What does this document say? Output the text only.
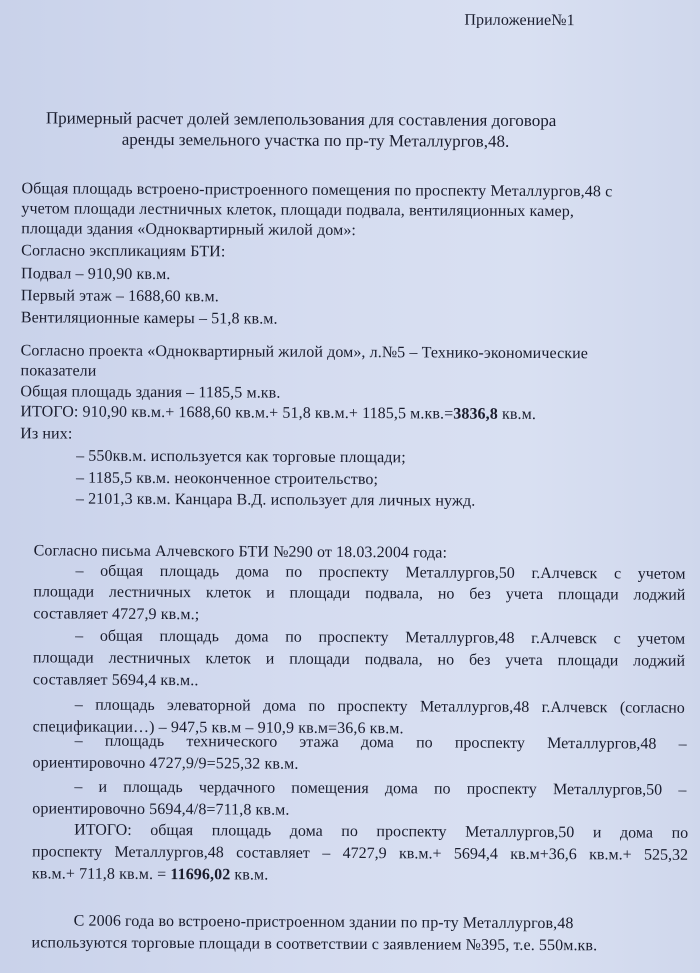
Приложение№1
Примерный расчет долей землепользования для составления договора
аренды земельного участка по пр-ту Металлургов,48.
Общая площадь встроено-пристроенного помещения по проспекту Металлургов,48 с
учетом площади лестничных клеток, площади подвала, вентиляционных камер,
площади здания «Одноквартирный жилой дом»:
Согласно экспликациям БТИ:
Подвал – 910,90 кв.м.
Первый этаж – 1688,60 кв.м.
Вентиляционные камеры – 51,8 кв.м.
Согласно проекта «Одноквартирный жилой дом», л.№5 – Технико-экономические
показатели
Общая площадь здания – 1185,5 м.кв.
ИТОГО: 910,90 кв.м.+ 1688,60 кв.м.+ 51,8 кв.м.+ 1185,5 м.кв.=3836,8 кв.м.
Из них:
– 550кв.м. используется как торговые площади;
– 1185,5 кв.м. неоконченное строительство;
– 2101,3 кв.м. Канцара В.Д. использует для личных нужд.
Согласно письма Алчевского БТИ №290 от 18.03.2004 года:
– общая площадь дома по проспекту Металлургов,50 г.Алчевск с учетом
площади лестничных клеток и площади подвала, но без учета площади лоджий
составляет 4727,9 кв.м.;
– общая площадь дома по проспекту Металлургов,48 г.Алчевск с учетом
площади лестничных клеток и площади подвала, но без учета площади лоджий
составляет 5694,4 кв.м..
– площадь элеваторной дома по проспекту Металлургов,48 г.Алчевск (согласно
спецификации…) – 947,5 кв.м – 910,9 кв.м=36,6 кв.м.
– площадь технического этажа дома по проспекту Металлургов,48 –
ориентировочно 4727,9/9=525,32 кв.м.
– и площадь чердачного помещения дома по проспекту Металлургов,50 –
ориентировочно 5694,4/8=711,8 кв.м.
ИТОГО: общая площадь дома по проспекту Металлургов,50 и дома по
проспекту Металлургов,48 составляет – 4727,9 кв.м.+ 5694,4 кв.м+36,6 кв.м.+ 525,32
кв.м.+ 711,8 кв.м. = 11696,02 кв.м.
С 2006 года во встроено-пристроенном здании по пр-ту Металлургов,48
используются торговые площади в соответствии с заявлением №395, т.е. 550м.кв.
